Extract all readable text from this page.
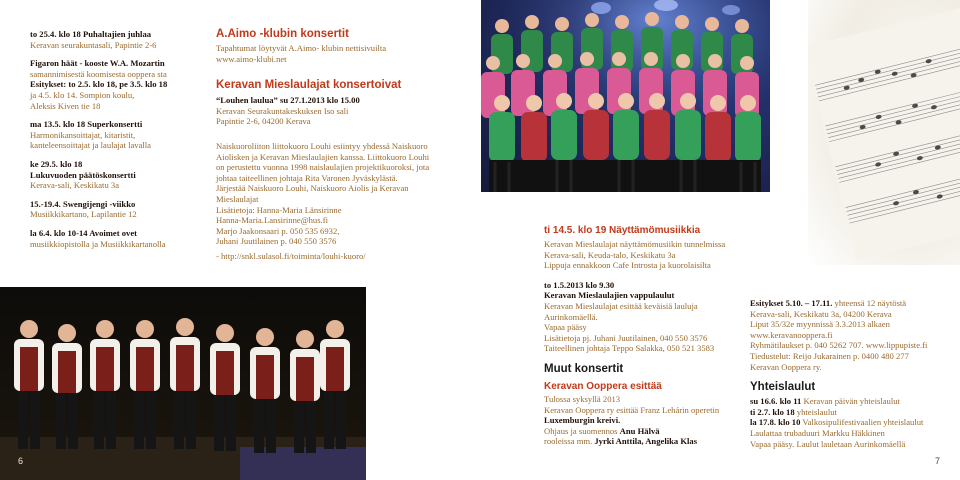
to 25.4. klo 18 Puhaltajien juhlaa
Keravan seurakuntasali, Papintie 2-6
Figaron häät - kooste W.A. Mozartin
samannimisestä koomisesta ooppera sta
Esitykset: to 2.5. klo 18, pe 3.5. klo 18
ja 4.5. klo 14. Sompion koulu,
Aleksis Kiven tie 18
ma 13.5. klo 18 Superkonsertti
Harmonikansoittajat, kitaristit,
kanteleensoittajat ja laulajat lavalla
ke 29.5. klo 18
Lukuvuoden päätöskonsertti
Kerava-sali, Keskikatu 3a
15.-19.4. Swengijengi -viikko
Musiikkikartano, Lapilantie 12
la 6.4. klo 10-14 Avoimet ovet
musiikkiopistolla ja Musiikkikartanolla
A.Aimo -klubin konsertit
Tapahtumat löytyvät A.Aimo- klubin nettisivuilta
www.aimo-klubi.net
Keravan Mieslaulajat konsertoivat
“Louhen laulua” su 27.1.2013 klo 15.00
Keravan Seurakuntakeskuksen Iso sali
Papintie 2-6, 04200 Kerava
Naiskuoroliiton liittokuoro Louhi esiintyy yhdessä Naiskuoro
Aiolisken ja Keravan Mieslaulajien kanssa. Liittokuoro Louhi
on perustettu vuonna 1998 naislaulajien projektikuoroksi, jota
johtaa taiteellinen johtaja Rita Varonen Jyväskylästä.
Järjestää Naiskuoro Louhi, Naiskuoro Aiolis ja Keravan
Mieslaulajat
Lisätietoja: Hanna-Maria Länsirinne
Hanna-Maria.Lansirinne@hus.fi
Marjo Jaakonsaari p. 050 535 6932,
Juhani Juutilainen p. 040 550 3576
- http://snkl.sulasol.fi/toiminta/louhi-kuoro/
ti 14.5. klo 19 Näyttämömusiikkia
Keravan Mieslaulajat näyttämömusiikin tunnelmissa
Kerava-sali, Keuda-talo, Keskikatu 3a
Lippuja ennakkoon Cafe Introsta ja kuorolaisilta
to 1.5.2013 klo 9.30
Keravan Mieslaulajien vappulaulut
Keravan Mieslaulajat esittää keväisiä lauluja
Aurinkomäellä.
Vapaa pääsy
Lisätietoja pj. Juhani Juutilainen, 040 550 3576
Taiteellinen johtaja Teppo Salakka, 050 521 3583
Muut konsertit
Keravan Ooppera esittää
Tulossa syksyllä 2013
Keravan Ooppera ry esittää Franz Lehárin operetin
Luxemburgin kreivi.
Ohjaus ja suomennos Anu Hälvä
rooleissa mm. Jyrki Anttila, Angelika Klas
Esitykset 5.10. – 17.11. yhteensä 12 näytöstä
Kerava-sali, Keskikatu 3a, 04200 Kerava
Liput 35/32e myynnissä 3.3.2013 alkaen
www.keravanooppera.fi
Ryhmätilaukset p. 040 5262 707. www.lippupiste.fi
Tiedustelut: Reijo Jukarainen p. 0400 480 277
Keravan Ooppera ry.
Yhteislaulut
su 16.6. klo 11 Keravan päivän yhteislaulut
ti 2.7. klo 18 yhteislaulut
la 17.8. klo 10 Valkosipulifestivaalien yhteislaulut
Laulattaa trubaduuri Markku Häkkinen
Vapaa pääsy. Laulut lauletaan Aurinkomäellä
6	7
